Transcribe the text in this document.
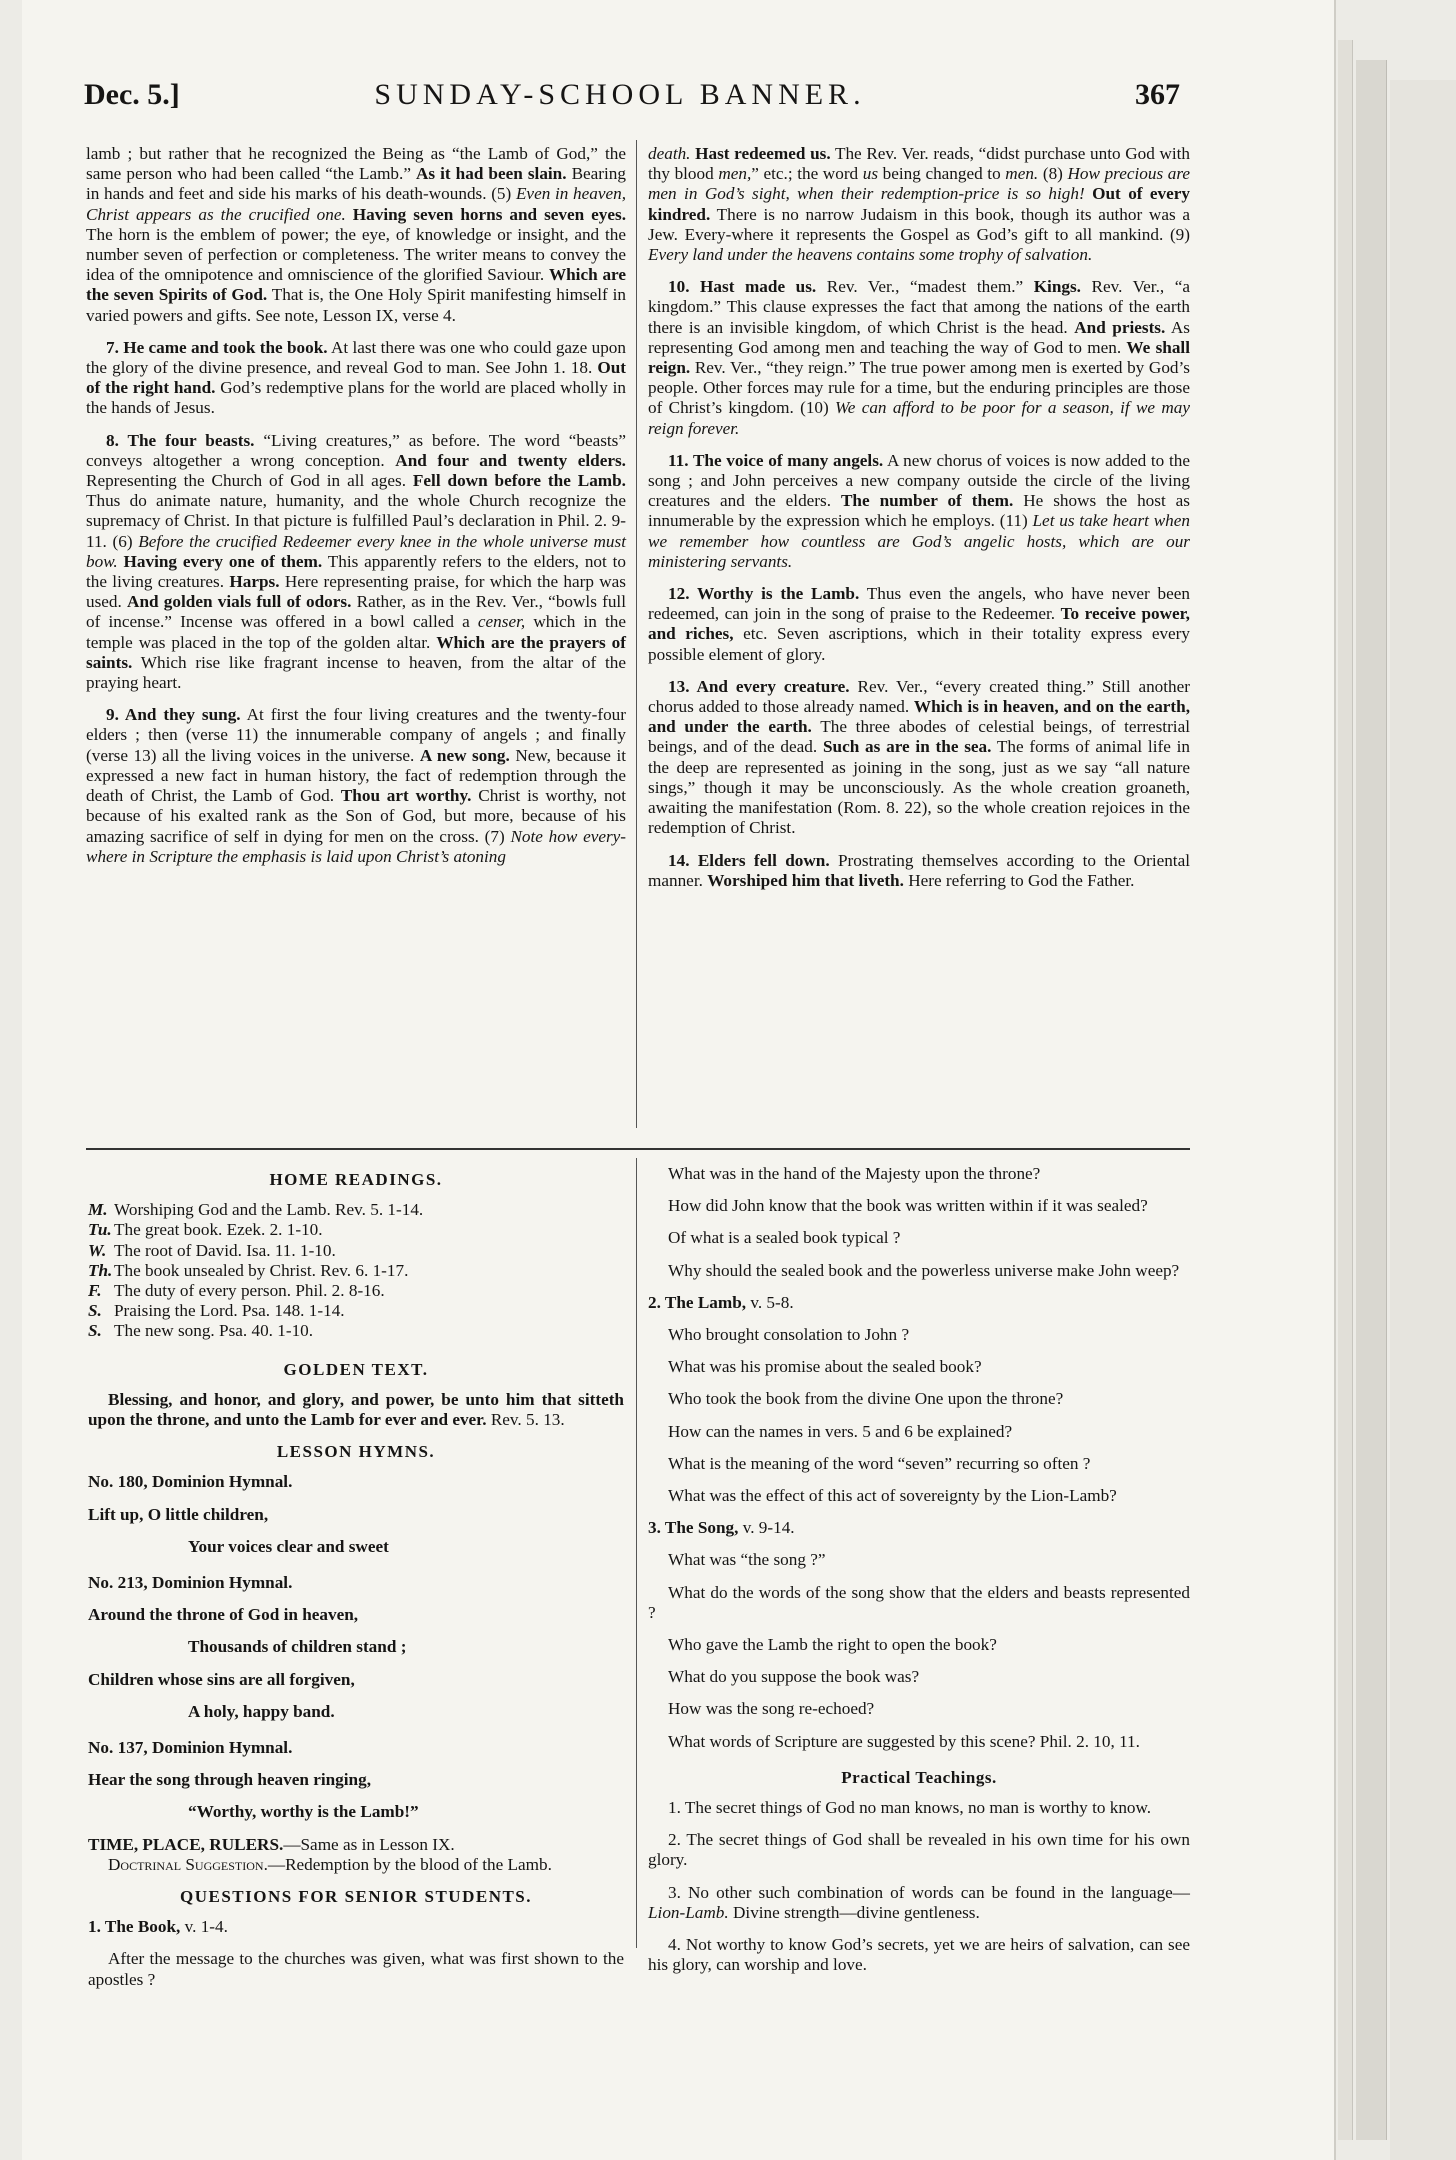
Dec. 5.]	SUNDAY-SCHOOL BANNER.	367

lamb ; but rather that he recognized the Being as “the Lamb of God,” the same person who had been called “the Lamb.” As it had been slain. Bearing in hands and feet and side his marks of his death-wounds. (5) Even in heaven, Christ appears as the crucified one. Having seven horns and seven eyes. The horn is the emblem of power; the eye, of knowledge or insight, and the number seven of perfection or completeness. The writer means to convey the idea of the omnipotence and omniscience of the glorified Saviour. Which are the seven Spirits of God. That is, the One Holy Spirit manifesting himself in varied powers and gifts. See note, Lesson IX, verse 4.

7. He came and took the book. At last there was one who could gaze upon the glory of the divine presence, and reveal God to man. See John 1. 18. Out of the right hand. God’s redemptive plans for the world are placed wholly in the hands of Jesus.

8. The four beasts. “Living creatures,” as before. The word “beasts” conveys altogether a wrong conception. And four and twenty elders. Representing the Church of God in all ages. Fell down before the Lamb. Thus do animate nature, humanity, and the whole Church recognize the supremacy of Christ. In that picture is fulfilled Paul’s declaration in Phil. 2. 9-11. (6) Before the crucified Redeemer every knee in the whole universe must bow. Having every one of them. This apparently refers to the elders, not to the living creatures. Harps. Here representing praise, for which the harp was used. And golden vials full of odors. Rather, as in the Rev. Ver., “bowls full of incense.” Incense was offered in a bowl called a censer, which in the temple was placed in the top of the golden altar. Which are the prayers of saints. Which rise like fragrant incense to heaven, from the altar of the praying heart.

9. And they sung. At first the four living creatures and the twenty-four elders ; then (verse 11) the innumerable company of angels ; and finally (verse 13) all the living voices in the universe. A new song. New, because it expressed a new fact in human history, the fact of redemption through the death of Christ, the Lamb of God. Thou art worthy. Christ is worthy, not because of his exalted rank as the Son of God, but more, because of his amazing sacrifice of self in dying for men on the cross. (7) Note how every-where in Scripture the emphasis is laid upon Christ’s atoning

death. Hast redeemed us. The Rev. Ver. reads, “didst purchase unto God with thy blood men,” etc.; the word us being changed to men. (8) How precious are men in God’s sight, when their redemption-price is so high! Out of every kindred. There is no narrow Judaism in this book, though its author was a Jew. Every-where it represents the Gospel as God’s gift to all mankind. (9) Every land under the heavens contains some trophy of salvation.

10. Hast made us. Rev. Ver., “madest them.” Kings. Rev. Ver., “a kingdom.” This clause expresses the fact that among the nations of the earth there is an invisible kingdom, of which Christ is the head. And priests. As representing God among men and teaching the way of God to men. We shall reign. Rev. Ver., “they reign.” The true power among men is exerted by God’s people. Other forces may rule for a time, but the enduring principles are those of Christ’s kingdom. (10) We can afford to be poor for a season, if we may reign forever.

11. The voice of many angels. A new chorus of voices is now added to the song ; and John perceives a new company outside the circle of the living creatures and the elders. The number of them. He shows the host as innumerable by the expression which he employs. (11) Let us take heart when we remember how countless are God’s angelic hosts, which are our ministering servants.

12. Worthy is the Lamb. Thus even the angels, who have never been redeemed, can join in the song of praise to the Redeemer. To receive power, and riches, etc. Seven ascriptions, which in their totality express every possible element of glory.

13. And every creature. Rev. Ver., “every created thing.” Still another chorus added to those already named. Which is in heaven, and on the earth, and under the earth. The three abodes of celestial beings, of terrestrial beings, and of the dead. Such as are in the sea. The forms of animal life in the deep are represented as joining in the song, just as we say “all nature sings,” though it may be unconsciously. As the whole creation groaneth, awaiting the manifestation (Rom. 8. 22), so the whole creation rejoices in the redemption of Christ.

14. Elders fell down. Prostrating themselves according to the Oriental manner. Worshiped him that liveth. Here referring to God the Father.

HOME READINGS.
M. Worshiping God and the Lamb. Rev. 5. 1-14.
Tu. The great book. Ezek. 2. 1-10.
W. The root of David. Isa. 11. 1-10.
Th.The book unsealed by Christ. Rev. 6. 1-17.
F. The duty of every person. Phil. 2. 8-16.
S. Praising the Lord. Psa. 148. 1-14.
S. The new song. Psa. 40. 1-10.
GOLDEN TEXT.

Blessing, and honor, and glory, and power, be unto him that sitteth upon the throne, and unto the Lamb for ever and ever. Rev. 5. 13.

LESSON HYMNS.

No. 180, Dominion Hymnal.

Lift up, O little children,

Your voices clear and sweet

No. 213, Dominion Hymnal.

Around the throne of God in heaven,

Thousands of children stand ;

Children whose sins are all forgiven,

A holy, happy band.

No. 137, Dominion Hymnal.

Hear the song through heaven ringing,

“Worthy, worthy is the Lamb!”

TIME, PLACE, RULERS.—Same as in Lesson IX.

Doctrinal Suggestion.—Redemption by the blood of the Lamb.

QUESTIONS FOR SENIOR STUDENTS.

1. The Book, v. 1-4.

After the message to the churches was given, what was first shown to the apostles ?

What was in the hand of the Majesty upon the throne?

How did John know that the book was written within if it was sealed?

Of what is a sealed book typical ?

Why should the sealed book and the powerless universe make John weep?

2. The Lamb, v. 5-8.

Who brought consolation to John ?

What was his promise about the sealed book?

Who took the book from the divine One upon the throne?

How can the names in vers. 5 and 6 be explained?

What is the meaning of the word “seven” recurring so often ?

What was the effect of this act of sovereignty by the Lion-Lamb?

3. The Song, v. 9-14.

What was “the song ?”

What do the words of the song show that the elders and beasts represented ?

Who gave the Lamb the right to open the book?

What do you suppose the book was?

How was the song re-echoed?

What words of Scripture are suggested by this scene? Phil. 2. 10, 11.

Practical Teachings.

1. The secret things of God no man knows, no man is worthy to know.

2. The secret things of God shall be revealed in his own time for his own glory.

3. No other such combination of words can be found in the language—Lion-Lamb. Divine strength—divine gentleness.

4. Not worthy to know God’s secrets, yet we are heirs of salvation, can see his glory, can worship and love.
